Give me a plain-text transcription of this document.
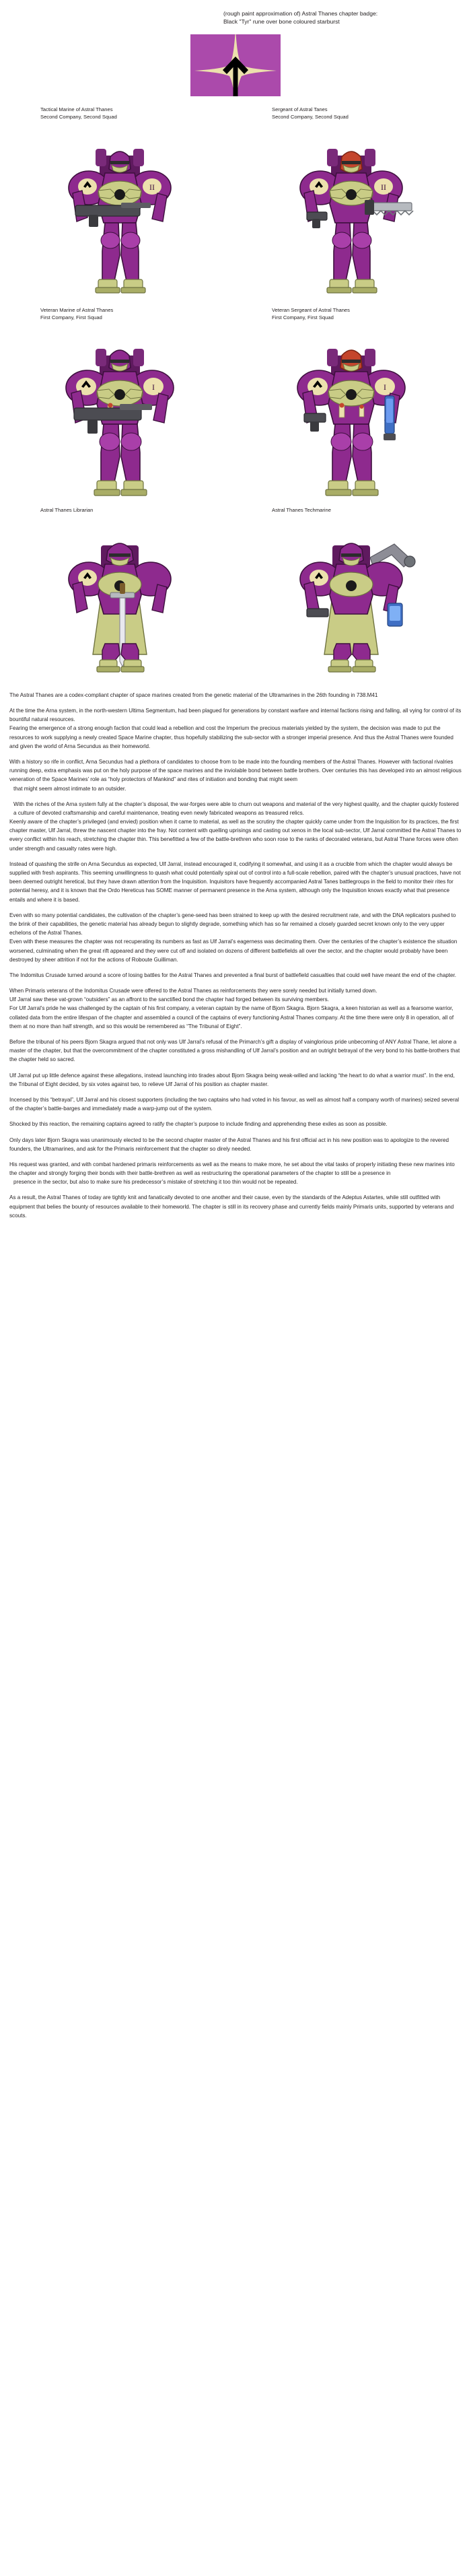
(rough paint approximation of) Astral Thanes chapter badge:
Black "Tyr" rune over bone coloured starburst
Tactical Marine of Astral Thanes
Second Company, Second Squad
II
Sergeant of Astral Tanes
Second Company, Second Squad
II
Veteran Marine of Astral Thanes
First Company, First Squad
I
Veteran Sergeant of Astral Thanes
First Company, First Squad
I
Astral Thanes Librarian	Astral Thanes Techmarine

The Astral Thanes are a codex-compliant chapter of space marines created from the genetic material of the Ultramarines in the 26th founding in 738.M41

At the time the Arna system, in the north-western Ultima Segmentum, had been plagued for generations by constant warfare and internal factions rising and falling, all vying for control of its bountiful natural resources.

Fearing the emergence of a strong enough faction that could lead a rebellion and cost the Imperium the precious materials yielded by the system, the decision was made to put the resources to work supplying a newly created Space Marine chapter, thus hopefully stabilizing the sub-sector with a stronger imperial presence. And thus the Astral Thanes were founded and given the world of Arna Secundus as their homeworld.

With a history so rife in conflict, Arna Secundus had a plethora of candidates to choose from to be made into the founding members of the Astral Thanes. However with factional rivalries running deep, extra emphasis was put on the holy purpose of the space marines and the inviolable bond between battle brothers. Over centuries this has developed into an almost religious veneration of the Space Marines’ role as “holy protectors of Mankind” and rites of initiation and bonding that might seem

that might seem almost intimate to an outsider.

With the riches of the Arna system fully at the chapter’s disposal, the war-forges were able to churn out weapons and material of the very highest quality, and the chapter quickly fostered a culture of devoted craftsmanship and careful maintenance, treating even newly fabricated weapons as treasured relics.

Keenly aware of the chapter’s privileged (and envied) position when it came to material, as well as the scrutiny the chapter quickly came under from the Inquisition for its practices, the first chapter master, Ulf Jarral, threw the nascent chapter into the fray. Not content with quelling uprisings and casting out xenos in the local sub-sector, Ulf Jarral committed the Astral Thanes to every conflict within his reach, stretching the chapter thin. This benefitted a few of the battle-brethren who soon rose to the ranks of decorated veterans, but Astral Thane forces were often under strength and casualty rates were high.

Instead of quashing the strife on Arna Secundus as expected, Ulf Jarral, instead encouraged it, codifying it somewhat, and using it as a crucible from which the chapter would always be supplied with fresh aspirants. This seeming unwillingness to quash what could potentially spiral out of control into a full-scale rebellion, paired with the chapter’s unusual practices, have not been deemed outright heretical, but they have drawn attention from the Inquisition. Inquisitors have frequently accompanied Astral Tanes battlegroups in the field to monitor their rites for potential heresy, and it is known that the Ordo Hereticus has SOME manner of permanent presence in the Arna system, although only the Inquisition knows exactly what that presence entails and where it is based.

Even with so many potential candidates, the cultivation of the chapter’s gene-seed has been strained to keep up with the desired recruitment rate, and with the DNA replicators pushed to the brink of their capabilities, the genetic material has already begun to slightly degrade, something which has so far remained a closely guarded secret known only to the very upper echelons of the Astral Thanes.

Even with these measures the chapter was not recuperating its numbers as fast as Ulf Jarral’s eagerness was decimating them. Over the centuries of the chapter’s existence the situation worsened, culminating when the great rift appeared and they were cut off and isolated on dozens of different battlefields all over the sector, and the chapter would probably have been destroyed by sheer attrition if not for the actions of Roboute Guilliman.

The Indomitus Crusade turned around a score of losing battles for the Astral Thanes and prevented a final burst of battlefield casualties that could well have meant the end of the chapter.

When Primaris veterans of the Indomitus Crusade were offered to the Astral Thanes as reinforcements they were sorely needed but initially turned down.

Ulf Jarral saw these vat-grown “outsiders” as an affront to the sanctified bond the chapter had forged between its surviving members.

For Ulf Jarral’s pride he was challenged by the captain of his first company, a veteran captain by the name of Bjorn Skagra. Bjorn Skagra, a keen historian as well as a fearsome warrior, collated data from the entire lifespan of the chapter and assembled a council of the captains of every functioning Astral Thanes company. At the time there were only 8 in operation, all of them at no more than half strength, and so this would be remembered as “The Tribunal of Eight”.

Before the tribunal of his peers Bjorn Skagra argued that not only was Ulf Jarral’s refusal of the Primarch’s gift a display of vainglorious pride unbecoming of ANY Astral Thane, let alone a master of the chapter, but that the overcommitment of the chapter constituted a gross mishandling of Ulf Jarral’s position and an outright betrayal of the very bond to his battle-brothers that the chapter held so sacred.

Ulf Jarral put up little defence against these allegations, instead launching into tirades about Bjorn Skagra being weak-willed and lacking “the heart to do what a warrior must”. In the end, the Tribunal of Eight decided, by six votes against two, to relieve Ulf Jarral of his position as chapter master.

Incensed by this “betrayal”, Ulf Jarral and his closest supporters (including the two captains who had voted in his favour, as well as almost half a company worth of marines) seized several of the chapter’s battle-barges and immediately made a warp-jump out of the system.

Shocked by this reaction, the remaining captains agreed to ratify the chapter’s purpose to include finding and apprehending these exiles as soon as possible.

Only days later Bjorn Skagra was unanimously elected to be the second chapter master of the Astral Thanes and his first official act in his new position was to apologize to the revered founders, the Ultramarines, and ask for the Primaris reinforcement that the chapter so direly needed.

His request was granted, and with combat hardened primaris reinforcements as well as the means to make more, he set about the vital tasks of properly initiating these new marines into the chapter and strongly forging their bonds with their battle-brethren as well as restructuring the operational parameters of the chapter to still be a presence in

presence in the sector, but also to make sure his predecessor’s mistake of stretching it too thin would not be repeated.

As a result, the Astral Thanes of today are tightly knit and fanatically devoted to one another and their cause, even by the standards of the Adeptus Astartes, while still outfitted with equipment that belies the bounty of resources available to their homeworld. The chapter is still in its recovery phase and currently fields mainly Primaris units, supported by veterans and scouts.
